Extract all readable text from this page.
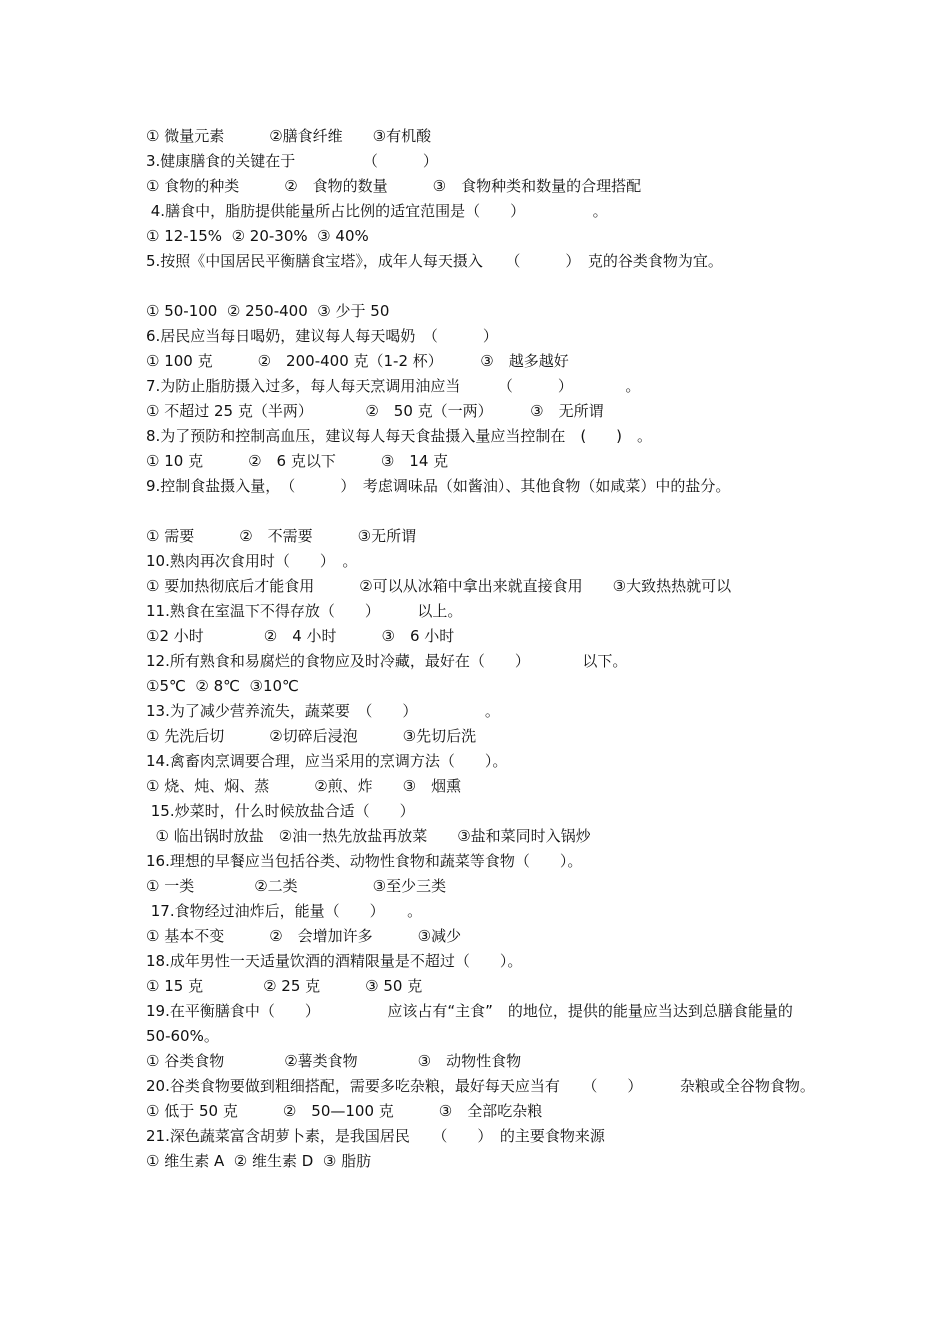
① 微量元素　　　②膳食纤维　　③有机酸
3.健康膳食的关键在于　　　　　（　　　）
① 食物的种类　　　②　食物的数量　　　③　食物种类和数量的合理搭配
4.膳食中，脂肪提供能量所占比例的适宜范围是（　　）　　　　　。
① 12-15%  ② 20-30%  ③ 40%
5.按照《中国居民平衡膳食宝塔》，成年人每天摄入　　（　　　）　克的谷类食物为宜。
① 50-100  ② 250-400  ③ 少于 50
6.居民应当每日喝奶，建议每人每天喝奶　（　　　）
① 100 克　　　②　200-400 克（1-2 杯）　　　③　越多越好
7.为防止脂肪摄入过多，每人每天烹调用油应当　　　（　　　）　　　　。
① 不超过 25 克（半两）　　　　②　50 克（一两）　　　③　无所谓
8.为了预防和控制高血压，建议每人每天食盐摄入量应当控制在　(　　)　。
① 10 克　　　②　6 克以下　　　③　14 克
9.控制食盐摄入量，　（　　　）　考虑调味品（如酱油）、其他食物（如咸菜）中的盐分。
① 需要　　　②　不需要　　　③无所谓
10.熟肉再次食用时（　　）　。
① 要加热彻底后才能食用　　　②可以从冰箱中拿出来就直接食用　　③大致热热就可以
11.熟食在室温下不得存放（　　）　　　以上。
①2 小时　　　　②　4 小时　　　③　6 小时
12.所有熟食和易腐烂的食物应及时冷藏，最好在（　　）　　　　以下。
①5℃  ② 8℃  ③10℃
13.为了减少营养流失，蔬菜要　（　　）　　　　　。
① 先洗后切　　　②切碎后浸泡　　　③先切后洗
14.禽畜肉烹调要合理，应当采用的烹调方法（　　）。
① 烧、炖、焖、蒸　　　②煎、炸　　③　烟熏
15.炒菜时，什么时候放盐合适（　　）
① 临出锅时放盐　②油一热先放盐再放菜　　③盐和菜同时入锅炒
16.理想的早餐应当包括谷类、动物性食物和蔬菜等食物（　　）。
① 一类　　　　②二类　　　　　③至少三类
17.食物经过油炸后，能量（　　）　　。
① 基本不变　　　②　会增加许多　　　③减少
18.成年男性一天适量饮酒的酒精限量是不超过（　　）。
① 15 克　　　　② 25 克　　　③ 50 克
19.在平衡膳食中（　　）　　　　　应该占有“主食”　的地位，提供的能量应当达到总膳食能量的 50-60%。
① 谷类食物　　　　②薯类食物　　　　③　动物性食物
20.谷类食物要做到粗细搭配，需要多吃杂粮，最好每天应当有　　（　　）　　　杂粮或全谷物食物。
① 低于 50 克　　　②　50—100 克　　　③　全部吃杂粮
21.深色蔬菜富含胡萝卜素，是我国居民　　（　　）　的主要食物来源
① 维生素 A  ② 维生素 D  ③ 脂肪
